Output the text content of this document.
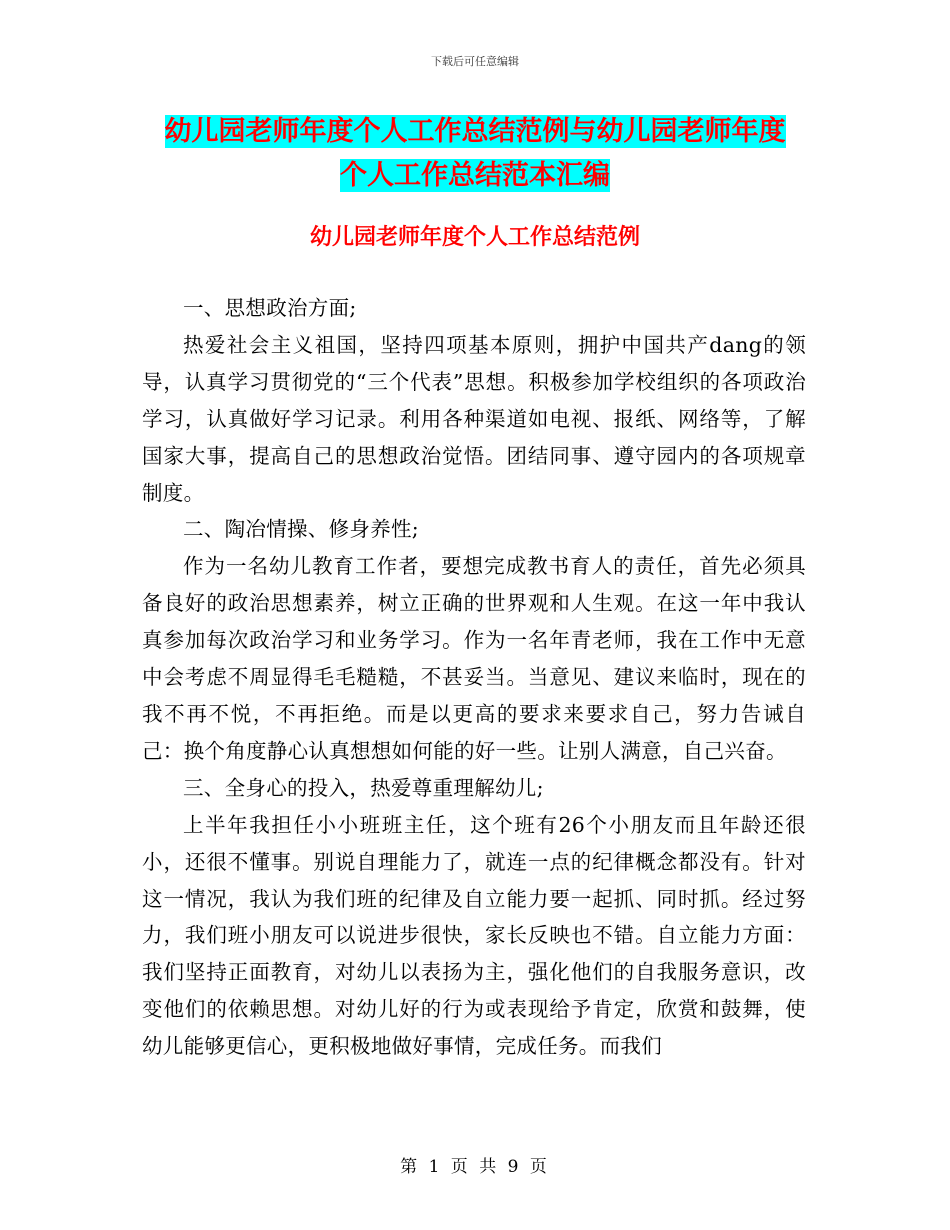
下载后可任意编辑
幼儿园老师年度个人工作总结范例与幼儿园老师年度
个人工作总结范本汇编
幼儿园老师年度个人工作总结范例

一、思想政治方面;

热爱社会主义祖国，坚持四项基本原则，拥护中国共产dang的领导，认真学习贯彻党的“三个代表”思想。积极参加学校组织的各项政治学习，认真做好学习记录。利用各种渠道如电视、报纸、网络等，了解国家大事，提高自己的思想政治觉悟。团结同事、遵守园内的各项规章制度。

二、陶冶情操、修身养性;

作为一名幼儿教育工作者，要想完成教书育人的责任，首先必须具备良好的政治思想素养，树立正确的世界观和人生观。在这一年中我认真参加每次政治学习和业务学习。作为一名年青老师，我在工作中无意中会考虑不周显得毛毛糙糙，不甚妥当。当意见、建议来临时，现在的我不再不悦，不再拒绝。而是以更高的要求来要求自己，努力告诫自己：换个角度静心认真想想如何能的好一些。让别人满意，自己兴奋。

三、全身心的投入，热爱尊重理解幼儿;

上半年我担任小小班班主任，这个班有26个小朋友而且年龄还很小，还很不懂事。别说自理能力了，就连一点的纪律概念都没有。针对这一情况，我认为我们班的纪律及自立能力要一起抓、同时抓。经过努力，我们班小朋友可以说进步很快，家长反映也不错。自立能力方面：我们坚持正面教育，对幼儿以表扬为主，强化他们的自我服务意识，改变他们的依赖思想。对幼儿好的行为或表现给予肯定，欣赏和鼓舞，使幼儿能够更信心，更积极地做好事情，完成任务。而我们

第 1 页 共 9 页
